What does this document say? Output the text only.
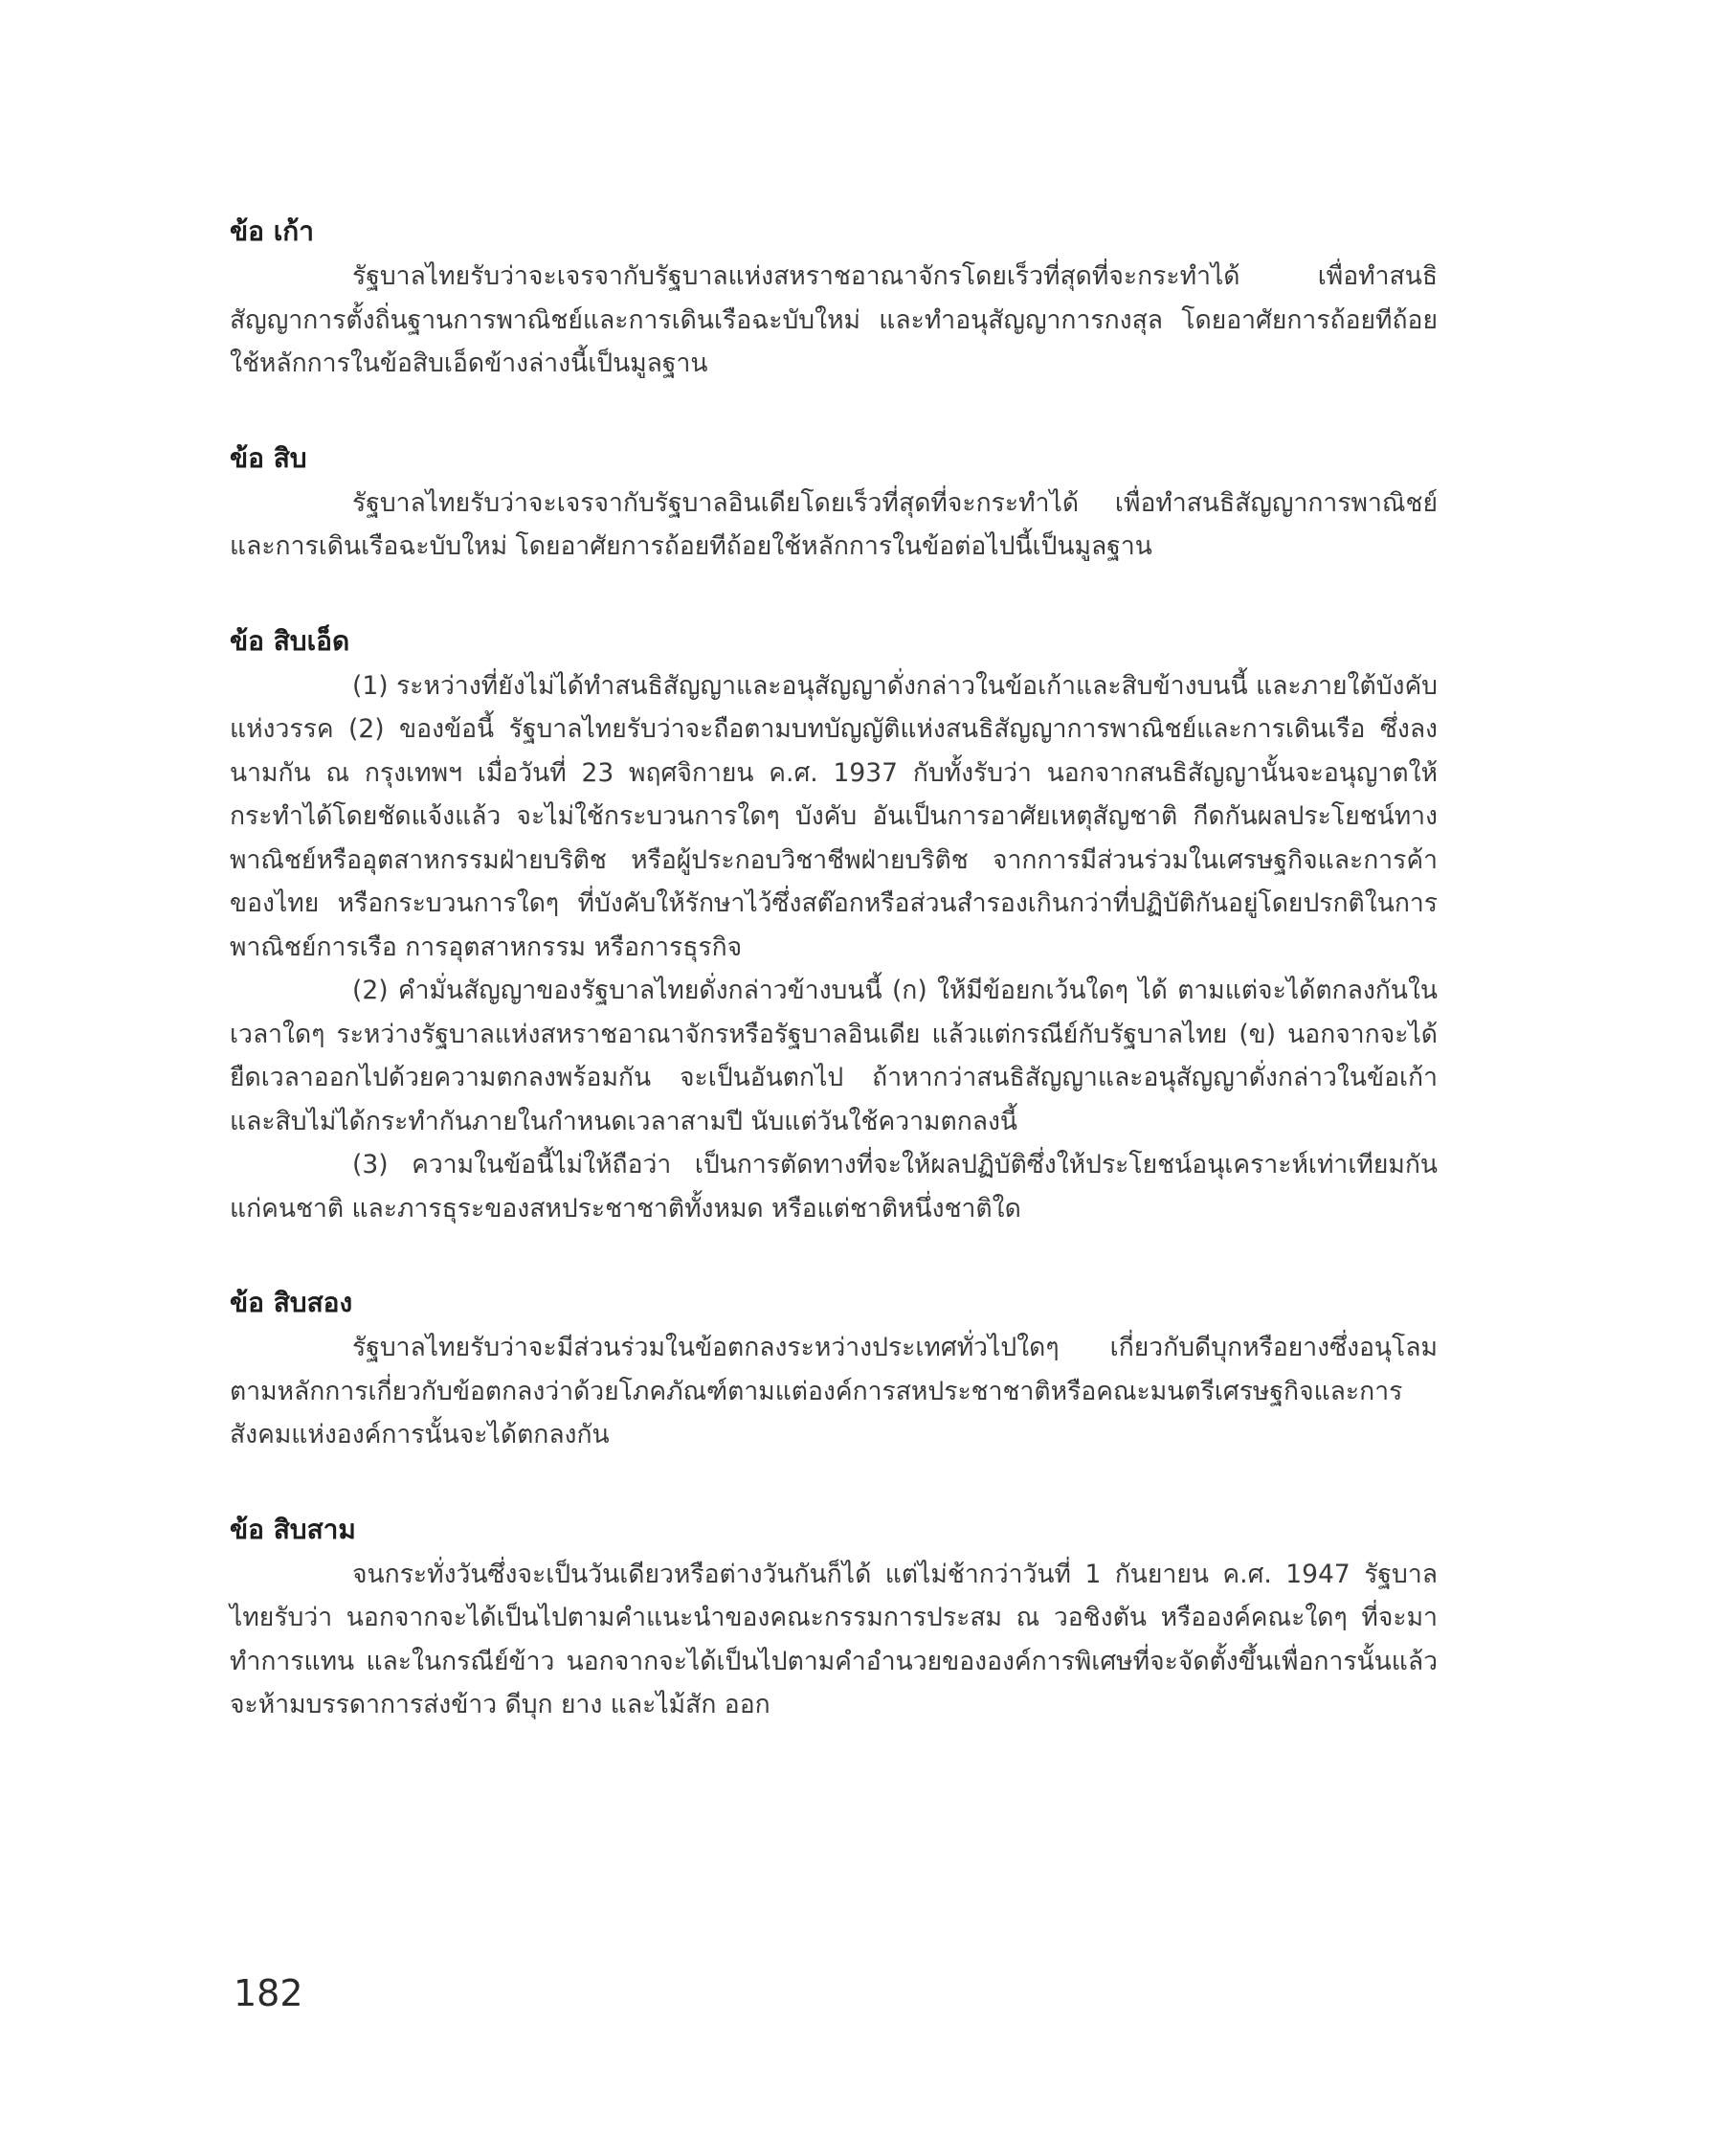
ข้อ เก้า

รัฐบาลไทยรับว่าจะเจรจากับรัฐบาลแห่งสหราชอาณาจักรโดยเร็วที่สุดที่จะกระทำได้ เพื่อทำสนธิสัญญาการตั้งถิ่นฐานการพาณิชย์และการเดินเรือฉะบับใหม่ และทำอนุสัญญาการกงสุล โดยอาศัยการถ้อยทีถ้อยใช้หลักการในข้อสิบเอ็ดข้างล่างนี้เป็นมูลฐาน

ข้อ สิบ

รัฐบาลไทยรับว่าจะเจรจากับรัฐบาลอินเดียโดยเร็วที่สุดที่จะกระทำได้ เพื่อทำสนธิสัญญาการพาณิชย์และการเดินเรือฉะบับใหม่ โดยอาศัยการถ้อยทีถ้อยใช้หลักการในข้อต่อไปนี้เป็นมูลฐาน

ข้อ สิบเอ็ด

(1) ระหว่างที่ยังไม่ได้ทำสนธิสัญญาและอนุสัญญาดั่งกล่าวในข้อเก้าและสิบข้างบนนี้ และภายใต้บังคับแห่งวรรค (2) ของข้อนี้ รัฐบาลไทยรับว่าจะถือตามบทบัญญัติแห่งสนธิสัญญาการพาณิชย์และการเดินเรือ ซึ่งลงนามกัน ณ กรุงเทพฯ เมื่อวันที่ 23 พฤศจิกายน ค.ศ. 1937 กับทั้งรับว่า นอกจากสนธิสัญญานั้นจะอนุญาตให้กระทำได้โดยชัดแจ้งแล้ว จะไม่ใช้กระบวนการใดๆ บังคับ อันเป็นการอาศัยเหตุสัญชาติ กีดกันผลประโยชน์ทางพาณิชย์หรืออุตสาหกรรมฝ่ายบริติช หรือผู้ประกอบวิชาชีพฝ่ายบริติช จากการมีส่วนร่วมในเศรษฐกิจและการค้าของไทย หรือกระบวนการใดๆ ที่บังคับให้รักษาไว้ซึ่งสต๊อกหรือส่วนสำรองเกินกว่าที่ปฏิบัติกันอยู่โดยปรกติในการพาณิชย์การเรือ การอุตสาหกรรม หรือการธุรกิจ

(2) คำมั่นสัญญาของรัฐบาลไทยดั่งกล่าวข้างบนนี้ (ก) ให้มีข้อยกเว้นใดๆ ได้ ตามแต่จะได้ตกลงกันในเวลาใดๆ ระหว่างรัฐบาลแห่งสหราชอาณาจักรหรือรัฐบาลอินเดีย แล้วแต่กรณีย์กับรัฐบาลไทย (ข) นอกจากจะได้ยืดเวลาออกไปด้วยความตกลงพร้อมกัน จะเป็นอันตกไป ถ้าหากว่าสนธิสัญญาและอนุสัญญาดั่งกล่าวในข้อเก้าและสิบไม่ได้กระทำกันภายในกำหนดเวลาสามปี นับแต่วันใช้ความตกลงนี้

(3) ความในข้อนี้ไม่ให้ถือว่า เป็นการตัดทางที่จะให้ผลปฏิบัติซึ่งให้ประโยชน์อนุเคราะห์เท่าเทียมกันแก่คนชาติ และภารธุระของสหประชาชาติทั้งหมด หรือแต่ชาติหนึ่งชาติใด

ข้อ สิบสอง

รัฐบาลไทยรับว่าจะมีส่วนร่วมในข้อตกลงระหว่างประเทศทั่วไปใดๆ เกี่ยวกับดีบุกหรือยางซึ่งอนุโลมตามหลักการเกี่ยวกับข้อตกลงว่าด้วยโภคภัณฑ์ตามแต่องค์การสหประชาชาติหรือคณะมนตรีเศรษฐกิจและการสังคมแห่งองค์การนั้นจะได้ตกลงกัน

ข้อ สิบสาม

จนกระทั่งวันซึ่งจะเป็นวันเดียวหรือต่างวันกันก็ได้ แต่ไม่ช้ากว่าวันที่ 1 กันยายน ค.ศ. 1947 รัฐบาลไทยรับว่า นอกจากจะได้เป็นไปตามคำแนะนำของคณะกรรมการประสม ณ วอชิงตัน หรือองค์คณะใดๆ ที่จะมาทำการแทน และในกรณีย์ข้าว นอกจากจะได้เป็นไปตามคำอำนวยขององค์การพิเศษที่จะจัดตั้งขึ้นเพื่อการนั้นแล้ว จะห้ามบรรดาการส่งข้าว ดีบุก ยาง และไม้สัก ออก

182
